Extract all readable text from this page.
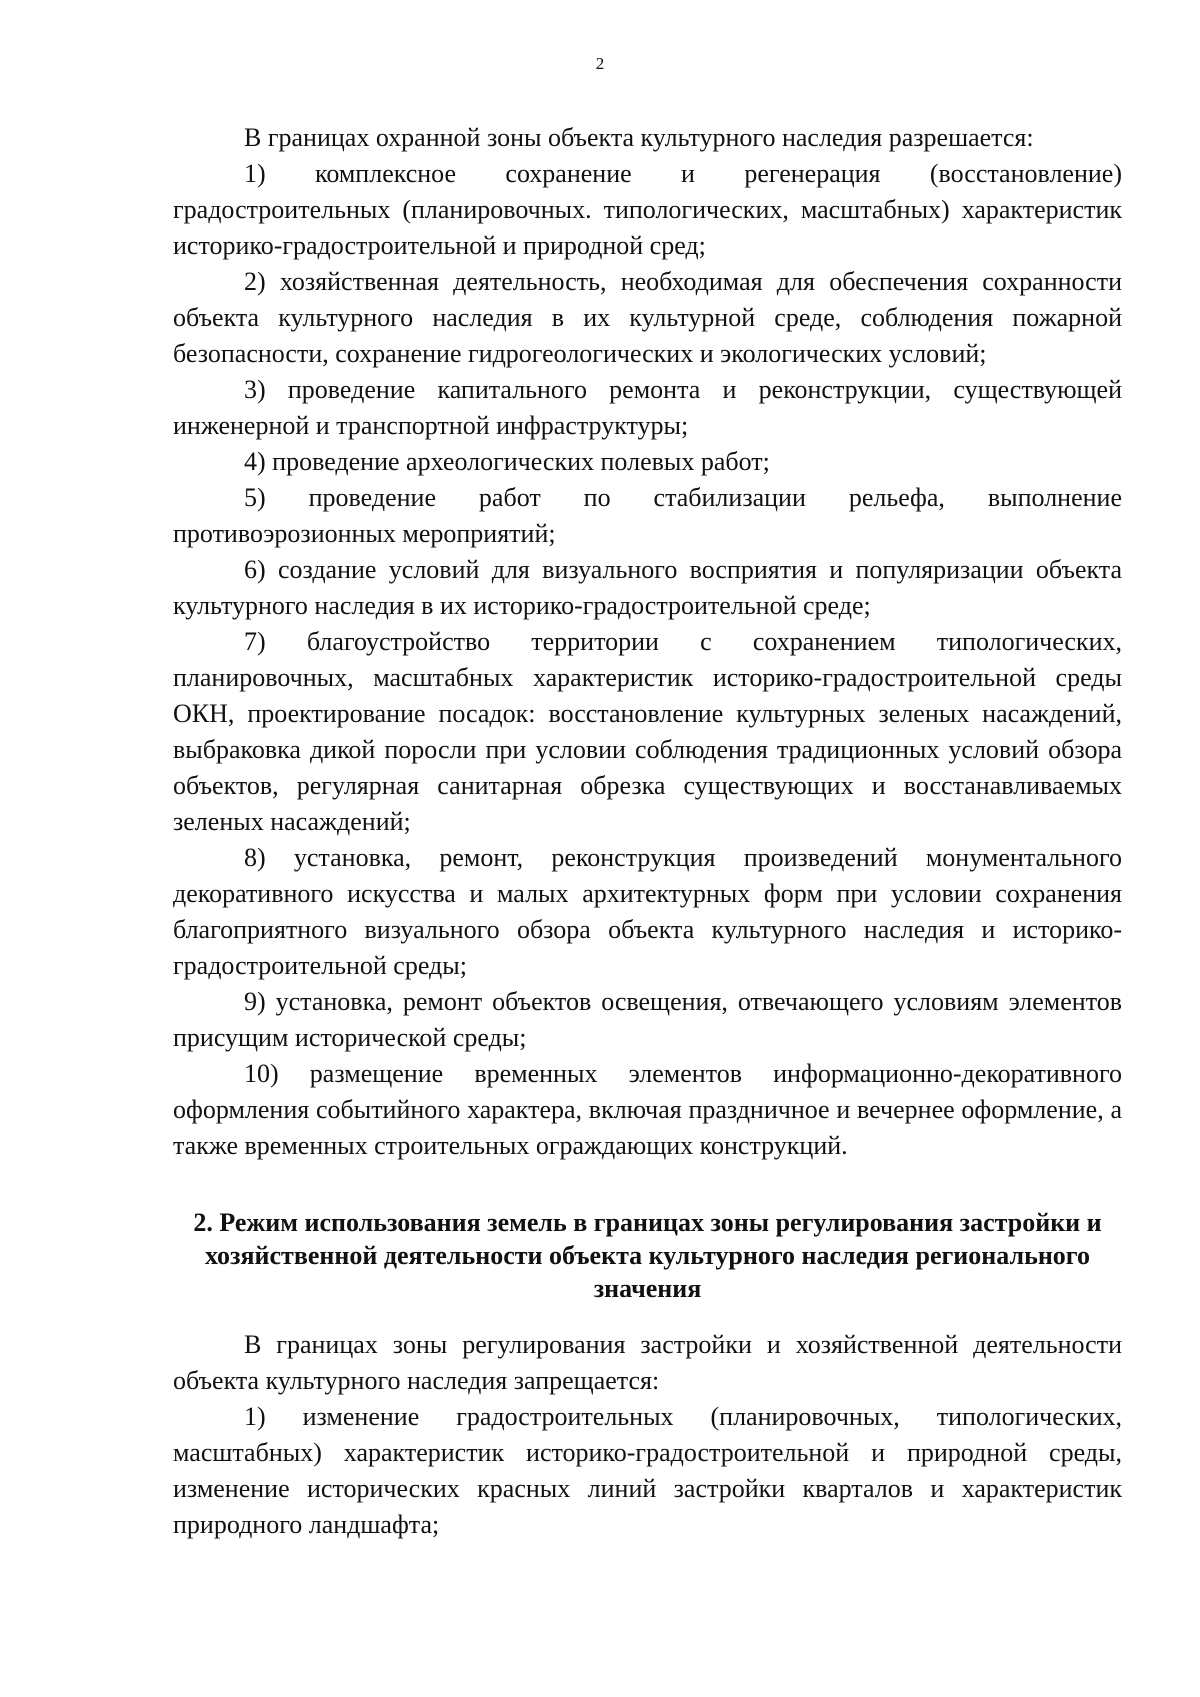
2

В границах охранной зоны объекта культурного наследия разрешается:

1) комплексное сохранение и регенерация (восстановление) градостроительных (планировочных. типологических, масштабных) характеристик историко-градостроительной и природной сред;

2) хозяйственная деятельность, необходимая для обеспечения сохранности объекта культурного наследия в их культурной среде, соблюдения пожарной безопасности, сохранение гидрогеологических и экологических условий;

3) проведение капитального ремонта и реконструкции, существующей инженерной и транспортной инфраструктуры;

4) проведение археологических полевых работ;

5) проведение работ по стабилизации рельефа, выполнение противоэрозионных мероприятий;

6) создание условий для визуального восприятия и популяризации объекта культурного наследия в их историко-градостроительной среде;

7) благоустройство территории с сохранением типологических, планировочных, масштабных характеристик историко-градостроительной среды ОКН, проектирование посадок: восстановление культурных зеленых насаждений, выбраковка дикой поросли при условии соблюдения традиционных условий обзора объектов, регулярная санитарная обрезка существующих и восстанавливаемых зеленых насаждений;

8) установка, ремонт, реконструкция произведений монументального декоративного искусства и малых архитектурных форм при условии сохранения благоприятного визуального обзора объекта культурного наследия и историко-градостроительной среды;

9) установка, ремонт объектов освещения, отвечающего условиям элементов присущим исторической среды;

10) размещение временных элементов информационно-декоративного оформления событийного характера, включая праздничное и вечернее оформление, а также временных строительных ограждающих конструкций.

2. Режим использования земель в границах зоны регулирования застройки и хозяйственной деятельности объекта культурного наследия регионального значения

В границах зоны регулирования застройки и хозяйственной деятельности объекта культурного наследия запрещается:

1) изменение градостроительных (планировочных, типологических, масштабных) характеристик историко-градостроительной и природной среды, изменение исторических красных линий застройки кварталов и характеристик природного ландшафта;
